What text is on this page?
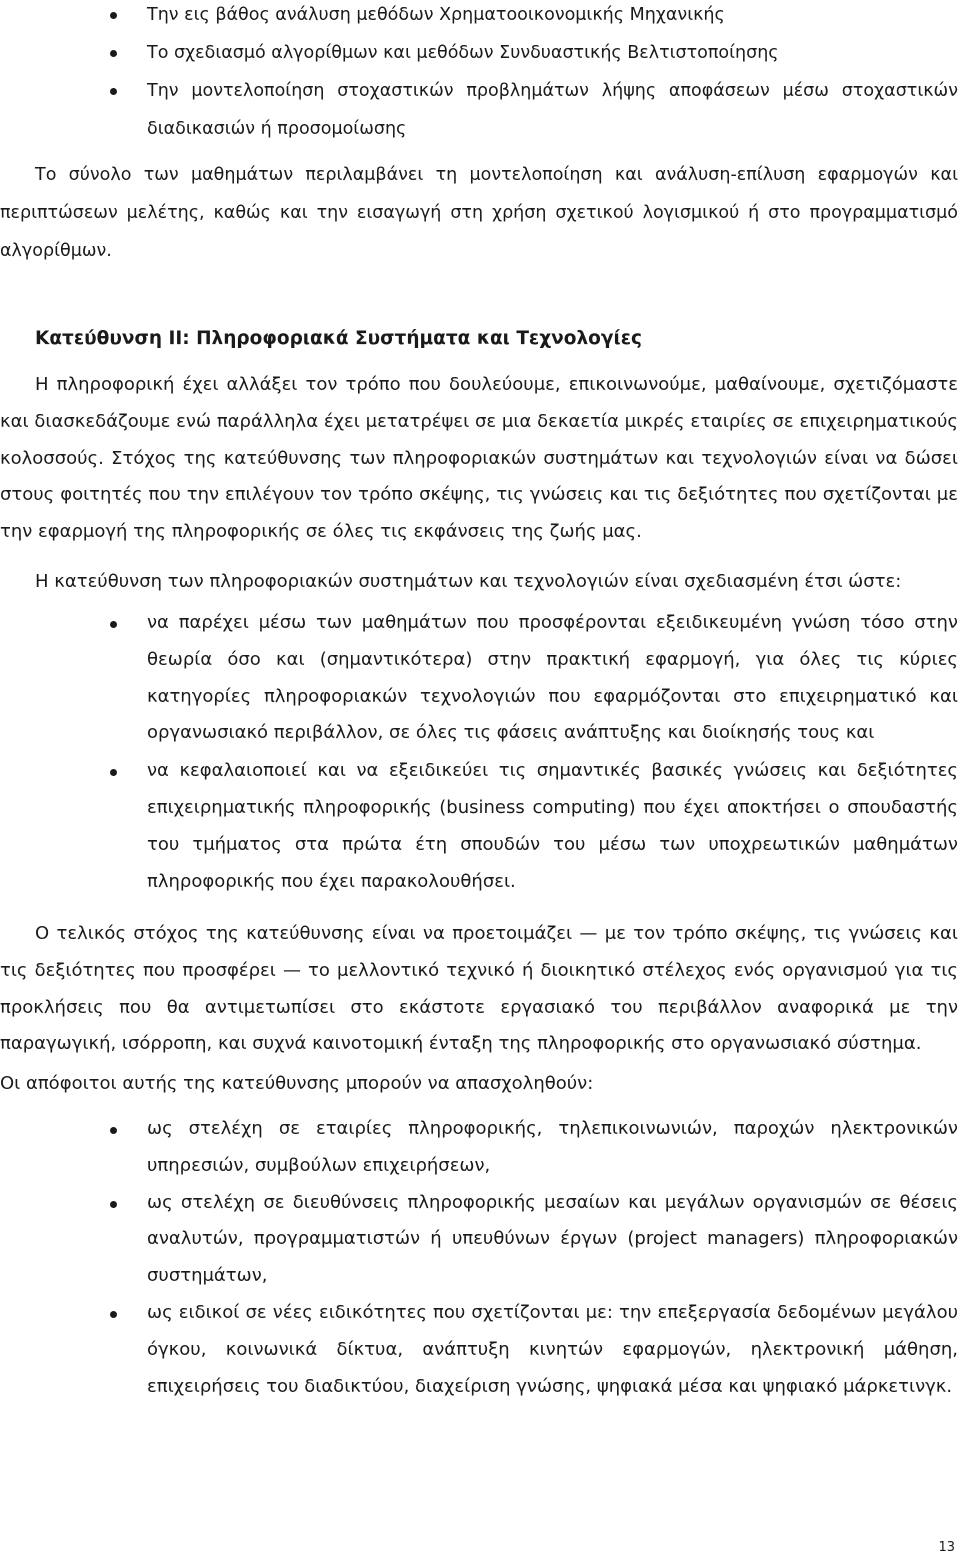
Την εις βάθος ανάλυση μεθόδων Χρηματοοικονομικής Μηχανικής
Το σχεδιασμό αλγορίθμων και μεθόδων Συνδυαστικής Βελτιστοποίησης
Την μοντελοποίηση στοχαστικών προβλημάτων λήψης αποφάσεων μέσω στοχαστικών διαδικασιών ή προσομοίωσης

Το σύνολο των μαθημάτων περιλαμβάνει τη μοντελοποίηση και ανάλυση-επίλυση εφαρμογών και περιπτώσεων μελέτης, καθώς και την εισαγωγή στη χρήση σχετικού λογισμικού ή στο προγραμματισμό αλγορίθμων.

Κατεύθυνση ΙΙ: Πληροφοριακά Συστήματα και Τεχνολογίες

Η πληροφορική έχει αλλάξει τον τρόπο που δουλεύουμε, επικοινωνούμε, μαθαίνουμε, σχετιζόμαστε και διασκεδάζουμε ενώ παράλληλα έχει μετατρέψει σε μια δεκαετία μικρές εταιρίες σε επιχειρηματικούς κολοσσούς. Στόχος της κατεύθυνσης των πληροφοριακών συστημάτων και τεχνολογιών είναι να δώσει στους φοιτητές που την επιλέγουν τον τρόπο σκέψης, τις γνώσεις και τις δεξιότητες που σχετίζονται με την εφαρμογή της πληροφορικής σε όλες τις εκφάνσεις της ζωής μας.

Η κατεύθυνση των πληροφοριακών συστημάτων και τεχνολογιών είναι σχεδιασμένη έτσι ώστε:

να παρέχει μέσω των μαθημάτων που προσφέρονται εξειδικευμένη γνώση τόσο στην θεωρία όσο και (σημαντικότερα) στην πρακτική εφαρμογή, για όλες τις κύριες κατηγορίες πληροφοριακών τεχνολογιών που εφαρμόζονται στο επιχειρηματικό και οργανωσιακό περιβάλλον, σε όλες τις φάσεις ανάπτυξης και διοίκησής τους και
να κεφαλαιοποιεί και να εξειδικεύει τις σημαντικές βασικές γνώσεις και δεξιότητες επιχειρηματικής πληροφορικής (business computing) που έχει αποκτήσει ο σπουδαστής του τμήματος στα πρώτα έτη σπουδών του μέσω των υποχρεωτικών μαθημάτων πληροφορικής που έχει παρακολουθήσει.

Ο τελικός στόχος της κατεύθυνσης είναι να προετοιμάζει — με τον τρόπο σκέψης, τις γνώσεις και τις δεξιότητες που προσφέρει — το μελλοντικό τεχνικό ή διοικητικό στέλεχος ενός οργανισμού για τις προκλήσεις που θα αντιμετωπίσει στο εκάστοτε εργασιακό του περιβάλλον αναφορικά με την παραγωγική, ισόρροπη, και συχνά καινοτομική ένταξη της πληροφορικής στο οργανωσιακό σύστημα.

Οι απόφοιτοι αυτής της κατεύθυνσης μπορούν να απασχοληθούν:

ως στελέχη σε εταιρίες πληροφορικής, τηλεπικοινωνιών, παροχών ηλεκτρονικών υπηρεσιών, συμβούλων επιχειρήσεων,
ως στελέχη σε διευθύνσεις πληροφορικής μεσαίων και μεγάλων οργανισμών σε θέσεις αναλυτών, προγραμματιστών ή υπευθύνων έργων (project managers) πληροφοριακών συστημάτων,
ως ειδικοί σε νέες ειδικότητες που σχετίζονται με: την επεξεργασία δεδομένων μεγάλου όγκου, κοινωνικά δίκτυα, ανάπτυξη κινητών εφαρμογών, ηλεκτρονική μάθηση, επιχειρήσεις του διαδικτύου, διαχείριση γνώσης, ψηφιακά μέσα και ψηφιακό μάρκετινγκ.
13
